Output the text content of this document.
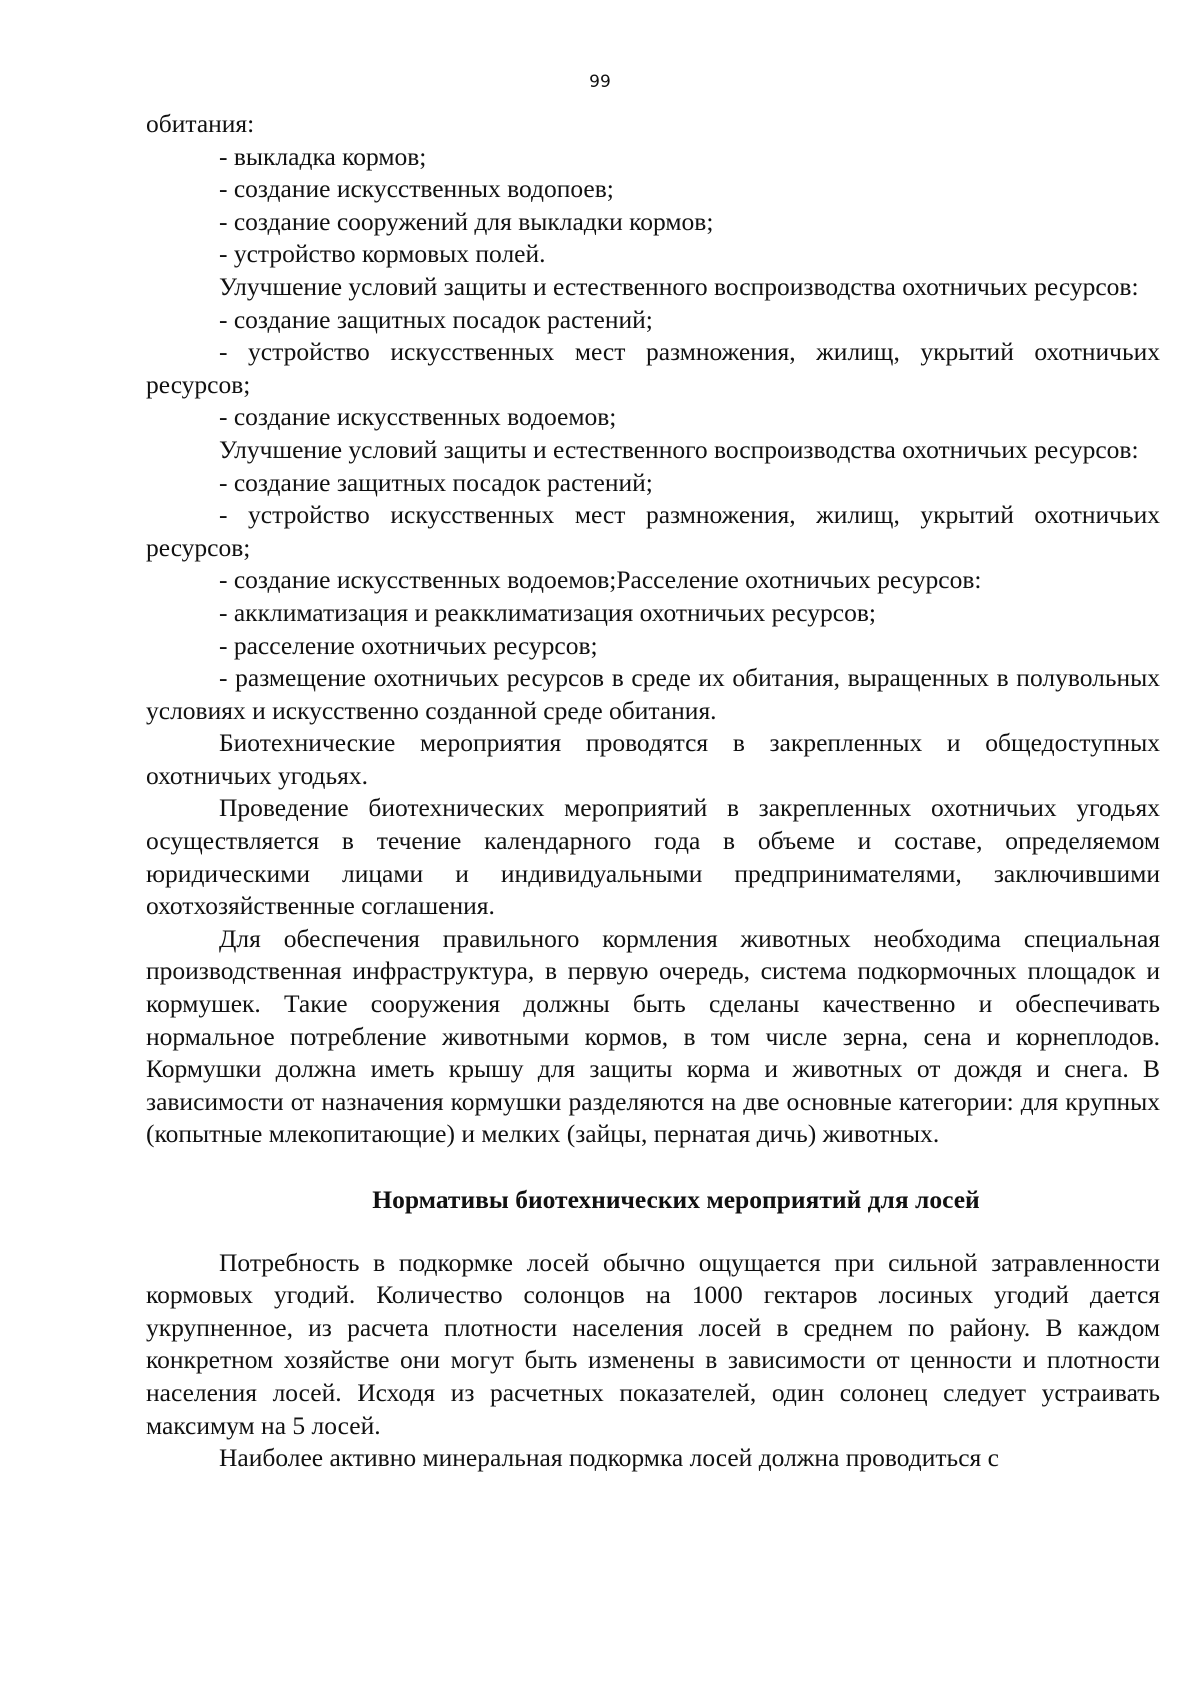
99

обитания:

- выкладка кормов;

- создание искусственных водопоев;

- создание сооружений для выкладки кормов;

- устройство кормовых полей.

Улучшение условий защиты и естественного воспроизводства охотничьих ресурсов:

- создание защитных посадок растений;

- устройство искусственных мест размножения, жилищ, укрытий охотничьих ресурсов;

- создание искусственных водоемов;

Улучшение условий защиты и естественного воспроизводства охотничьих ресурсов:

- создание защитных посадок растений;

- устройство искусственных мест размножения, жилищ, укрытий охотничьих ресурсов;

- создание искусственных водоемов;Расселение охотничьих ресурсов:

- акклиматизация и реакклиматизация охотничьих ресурсов;

- расселение охотничьих ресурсов;

- размещение охотничьих ресурсов в среде их обитания, выращенных в полувольных условиях и искусственно созданной среде обитания.

Биотехнические мероприятия проводятся в закрепленных и общедоступных охотничьих угодьях.

Проведение биотехнических мероприятий в закрепленных охотничьих угодьях осуществляется в течение календарного года в объеме и составе, определяемом юридическими лицами и индивидуальными предпринимателями, заключившими охотхозяйственные соглашения.

Для обеспечения правильного кормления животных необходима специальная производственная инфраструктура, в первую очередь, система подкормочных площадок и кормушек. Такие сооружения должны быть сделаны качественно и обеспечивать нормальное потребление животными кормов, в том числе зерна, сена и корнеплодов. Кормушки должна иметь крышу для защиты корма и животных от дождя и снега. В зависимости от назначения кормушки разделяются на две основные категории: для крупных (копытные млекопитающие) и мелких (зайцы, пернатая дичь) животных.

Нормативы биотехнических мероприятий для лосей

Потребность в подкормке лосей обычно ощущается при сильной затравленности кормовых угодий. Количество солонцов на 1000 гектаров лосиных угодий дается укрупненное, из расчета плотности населения лосей в среднем по району. В каждом конкретном хозяйстве они могут быть изменены в зависимости от ценности и плотности населения лосей. Исходя из расчетных показателей, один солонец следует устраивать максимум на 5 лосей.

Наиболее активно минеральная подкормка лосей должна проводиться с
